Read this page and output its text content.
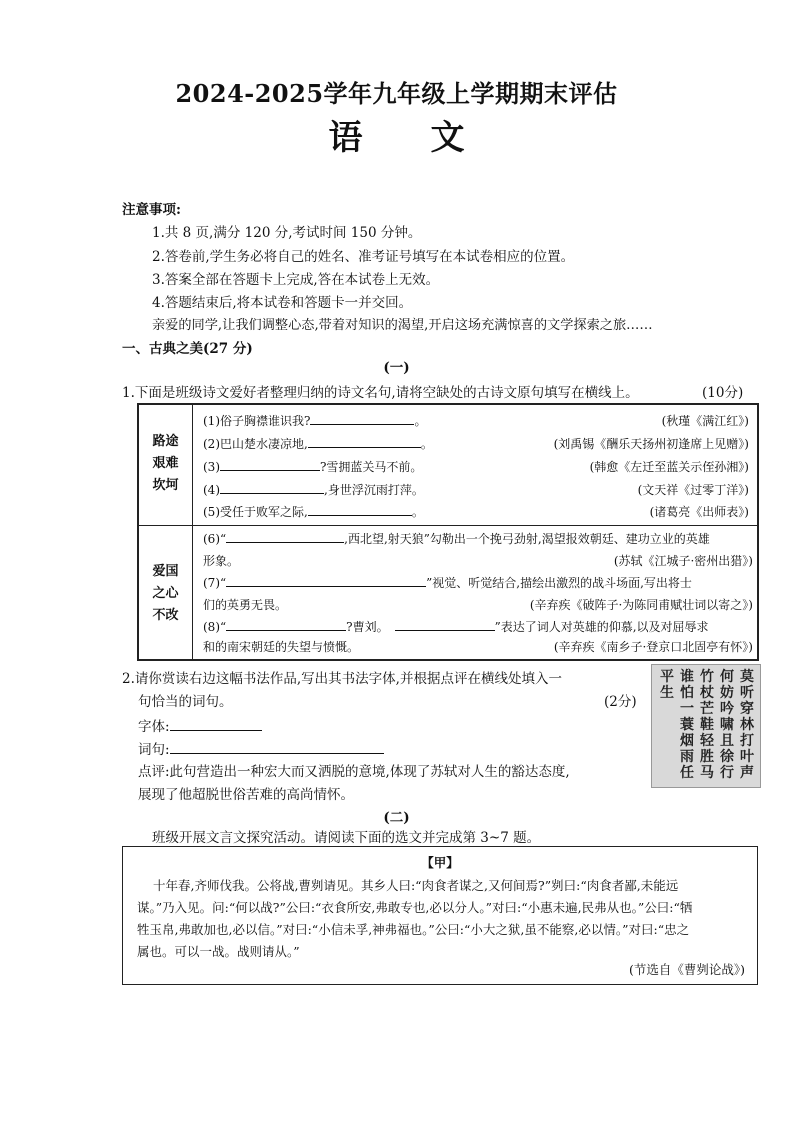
2024-2025学年九年级上学期期末评估
语文
注意事项:
1.共 8 页,满分 120 分,考试时间 150 分钟。
2.答卷前,学生务必将自己的姓名、准考证号填写在本试卷相应的位置。
3.答案全部在答题卡上完成,答在本试卷上无效。
4.答题结束后,将本试卷和答题卡一并交回。
亲爱的同学,让我们调整心态,带着对知识的渴望,开启这场充满惊喜的文学探索之旅……
一、古典之美(27 分)
(一)
1.下面是班级诗文爱好者整理归纳的诗文名句,请将空缺处的古诗文原句填写在横线上。	(10分)
路途
艰难
坎坷
(1)俗子胸襟谁识我?	。	(秋瑾《满江红》)
(2)巴山楚水凄凉地,	。	(刘禹锡《酬乐天扬州初逢席上见赠》)
(3)	?雪拥蓝关马不前。	(韩愈《左迁至蓝关示侄孙湘》)
(4)	,身世浮沉雨打萍。	(文天祥《过零丁洋》)
(5)受任于败军之际,	。	(诸葛亮《出师表》)
爱国
之心
不改
(6)“	,西北望,射天狼”勾勒出一个挽弓劲射,渴望报效朝廷、建功立业的英雄
形象。	(苏轼《江城子·密州出猎》)
(7)“	”视觉、听觉结合,描绘出激烈的战斗场面,写出将士
们的英勇无畏。	(辛弃疾《破阵子·为陈同甫赋壮词以寄之》)
(8)“	?曹刘。	”表达了词人对英雄的仰慕,以及对屈辱求
和的南宋朝廷的失望与愤慨。	(辛弃疾《南乡子·登京口北固亭有怀》)
2.请你赏读右边这幅书法作品,写出其书法字体,并根据点评在横线处填入一
句恰当的词句。	(2分)
字体:
词句:
点评:此句营造出一种宏大而又洒脱的意境,体现了苏轼对人生的豁达态度,
展现了他超脱世俗苦难的高尚情怀。
莫听穿林打叶声
何妨吟啸且徐行
竹杖芒鞋轻胜马
谁怕一蓑烟雨任
平生
(二)
班级开展文言文探究活动。请阅读下面的选文并完成第 3~7 题。
【甲】
十年春,齐师伐我。公将战,曹刿请见。其乡人曰:“肉食者谋之,又何间焉?”刿曰:“肉食者鄙,未能远
谋。”乃入见。问:“何以战?”公曰:“衣食所安,弗敢专也,必以分人。”对曰:“小惠未遍,民弗从也。”公曰:“牺
牲玉帛,弗敢加也,必以信。”对曰:“小信未孚,神弗福也。”公曰:“小大之狱,虽不能察,必以情。”对曰:“忠之
属也。可以一战。战则请从。”
(节选自《曹刿论战》)
